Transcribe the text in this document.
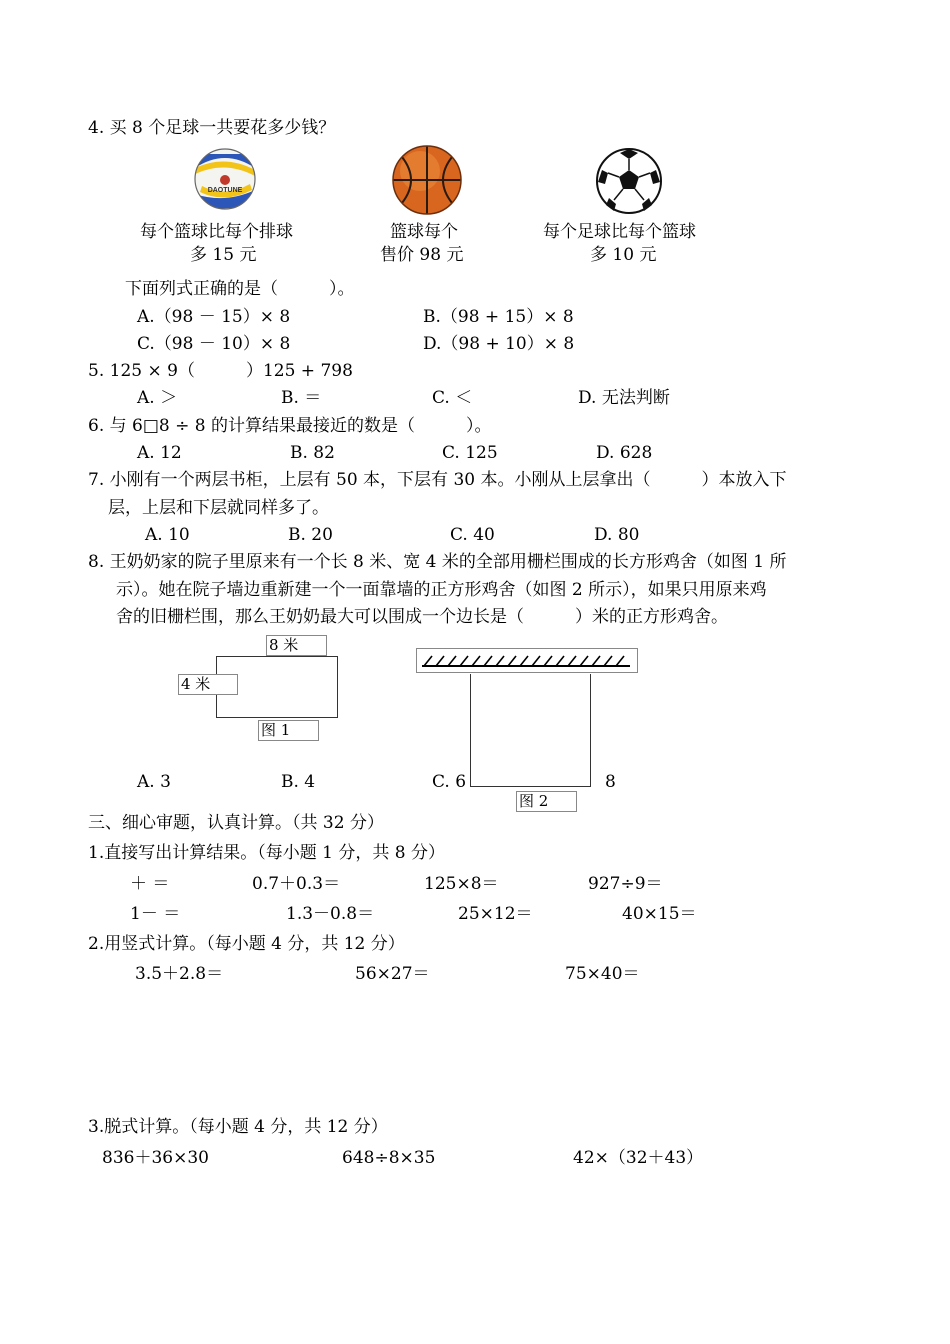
4. 买 8 个足球一共要花多少钱？
DAOTUNE
每个篮球比每个排球
多 15 元
篮球每个
售价 98 元
每个足球比每个篮球
多 10 元
下面列式正确的是（　　　）。
A.（98 － 15）× 8	B.（98 + 15）× 8
C.（98 － 10）× 8	D.（98 + 10）× 8
5. 125 × 9（　　　）125 + 798
A. ＞	B. ＝	C. ＜	D. 无法判断
6. 与 6□8 ÷ 8 的计算结果最接近的数是（　　　）。
A. 12	B. 82	C. 125	D. 628
7. 小刚有一个两层书柜，上层有 50 本，下层有 30 本。小刚从上层拿出（　　　）本放入下
层，上层和下层就同样多了。
A. 10	B. 20	C. 40	D. 80
8. 王奶奶家的院子里原来有一个长 8 米、宽 4 米的全部用栅栏围成的长方形鸡舍（如图 1 所
示）。她在院子墙边重新建一个一面靠墙的正方形鸡舍（如图 2 所示），如果只用原来鸡
舍的旧栅栏围，那么王奶奶最大可以围成一个边长是（　　　）米的正方形鸡舍。
8 米
4 米
图 1
图 2
A. 3	B. 4	C. 6	8
三、细心审题，认真计算。（共 32 分）
1.直接写出计算结果。（每小题 1 分，共 8 分）
＋ ＝	0.7＋0.3＝	125×8＝	927÷9＝
1－ ＝	1.3－0.8＝	25×12＝	40×15＝
2.用竖式计算。（每小题 4 分，共 12 分）
3.5＋2.8＝	56×27＝	75×40＝
3.脱式计算。（每小题 4 分，共 12 分）
836＋36×30	648÷8×35	42×（32＋43）
